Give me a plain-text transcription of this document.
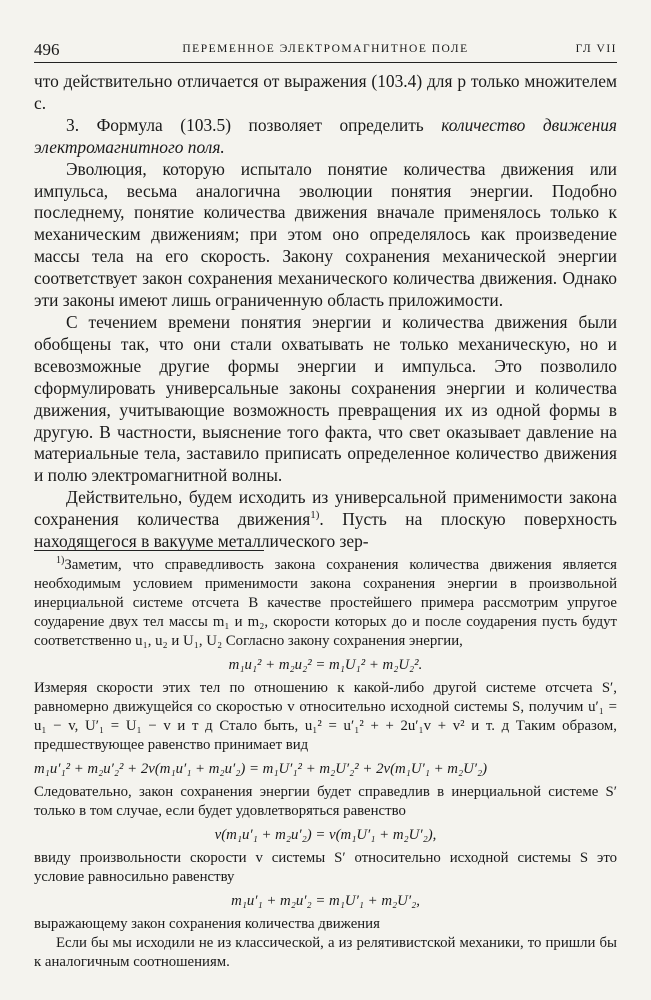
496	ПЕРЕМЕННОЕ ЭЛЕКТРОМАГНИТНОЕ ПОЛЕ	ГЛ VII

что действительно отличается от выражения (103.4) для p только множителем c.

3. Формула (103.5) позволяет определить количество движения электромагнитного поля.

Эволюция, которую испытало понятие количества движения или импульса, весьма аналогична эволюции понятия энергии. Подобно последнему, понятие количества движения вначале применялось только к механическим движениям; при этом оно определялось как произведение массы тела на его скорость. Закону сохранения механической энергии соответствует закон сохранения механического количества движения. Однако эти законы имеют лишь ограниченную область приложимости.

С течением времени понятия энергии и количества движения были обобщены так, что они стали охватывать не только механическую, но и всевозможные другие формы энергии и импульса. Это позволило сформулировать универсальные законы сохранения энергии и количества движения, учитывающие возможность превращения их из одной формы в другую. В частности, выяснение того факта, что свет оказывает давление на материальные тела, заставило приписать определенное количество движения и полю электромагнитной волны.

Действительно, будем исходить из универсальной применимости закона сохранения количества движения$^{1)}$. Пусть на плоскую поверхность находящегося в вакууме металлического зер-

$^{1)}$Заметим, что справедливость закона сохранения количества движения является необходимым условием применимости закона сохранения энергии в произвольной инерциальной системе отсчета В качестве простейшего примера рассмотрим упругое соударение двух тел массы m₁ и m₂, скорости которых до и после соударения пусть будут соответственно u₁, u₂ и U₁, U₂ Согласно закону сохранения энергии,

m₁u₁² + m₂u₂² = m₁U₁² + m₂U₂².

Измеряя скорости этих тел по отношению к какой-либо другой системе отсчета S′, равномерно движущейся со скоростью v относительно исходной системы S, получим u′₁ = u₁ − v, U′₁ = U₁ − v и т д Стало быть, u₁² = u′₁² + + 2u′₁v + v² и т. д Таким образом, предшествующее равенство принимает вид

m₁u′₁² + m₂u′₂² + 2v(m₁u′₁ + m₂u′₂) = m₁U′₁² + m₂U′₂² + 2v(m₁U′₁ + m₂U′₂)

Следовательно, закон сохранения энергии будет справедлив в инерциальной системе S′ только в том случае, если будет удовлетворяться равенство

v(m₁u′₁ + m₂u′₂) = v(m₁U′₁ + m₂U′₂),

ввиду произвольности скорости v системы S′ относительно исходной системы S это условие равносильно равенству

m₁u′₁ + m₂u′₂ = m₁U′₁ + m₂U′₂,

выражающему закон сохранения количества движения

Если бы мы исходили не из классической, а из релятивистской механики, то пришли бы к аналогичным соотношениям.
